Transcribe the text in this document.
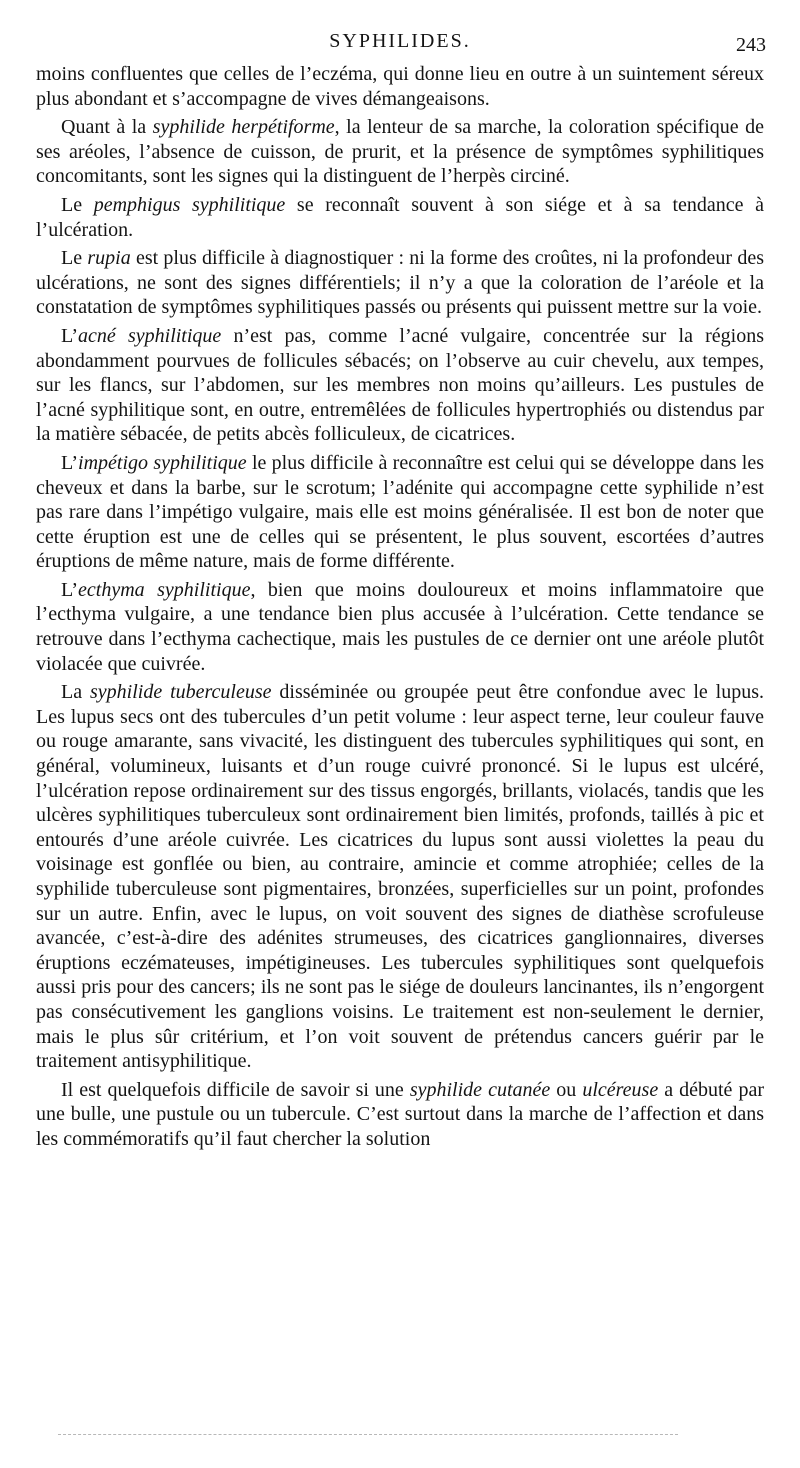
SYPHILIDES.	243

moins confluentes que celles de l’eczéma, qui donne lieu en outre à un suintement séreux plus abondant et s’accompagne de vives démangeaisons.

Quant à la syphilide herpétiforme, la lenteur de sa marche, la coloration spécifique de ses aréoles, l’absence de cuisson, de prurit, et la présence de symptômes syphilitiques concomitants, sont les signes qui la distinguent de l’herpès circiné.

Le pemphigus syphilitique se reconnaît souvent à son siége et à sa tendance à l’ulcération.

Le rupia est plus difficile à diagnostiquer : ni la forme des croûtes, ni la profondeur des ulcérations, ne sont des signes différentiels; il n’y a que la coloration de l’aréole et la constatation de symptômes syphilitiques passés ou présents qui puissent mettre sur la voie.

L’acné syphilitique n’est pas, comme l’acné vulgaire, concentrée sur la régions abondamment pourvues de follicules sébacés; on l’observe au cuir chevelu, aux tempes, sur les flancs, sur l’abdomen, sur les membres non moins qu’ailleurs. Les pustules de l’acné syphilitique sont, en outre, entremêlées de follicules hypertrophiés ou distendus par la matière sébacée, de petits abcès folliculeux, de cicatrices.

L’impétigo syphilitique le plus difficile à reconnaître est celui qui se développe dans les cheveux et dans la barbe, sur le scrotum; l’adénite qui accompagne cette syphilide n’est pas rare dans l’impétigo vulgaire, mais elle est moins généralisée. Il est bon de noter que cette éruption est une de celles qui se présentent, le plus souvent, escortées d’autres éruptions de même nature, mais de forme différente.

L’ecthyma syphilitique, bien que moins douloureux et moins inflammatoire que l’ecthyma vulgaire, a une tendance bien plus accusée à l’ulcération. Cette tendance se retrouve dans l’ecthyma cachectique, mais les pustules de ce dernier ont une aréole plutôt violacée que cuivrée.

La syphilide tuberculeuse disséminée ou groupée peut être confondue avec le lupus. Les lupus secs ont des tubercules d’un petit volume : leur aspect terne, leur couleur fauve ou rouge amarante, sans vivacité, les distinguent des tubercules syphilitiques qui sont, en général, volumineux, luisants et d’un rouge cuivré prononcé. Si le lupus est ulcéré, l’ulcération repose ordinairement sur des tissus engorgés, brillants, violacés, tandis que les ulcères syphilitiques tuberculeux sont ordinairement bien limités, profonds, taillés à pic et entourés d’une aréole cuivrée. Les cicatrices du lupus sont aussi violettes la peau du voisinage est gonflée ou bien, au contraire, amincie et comme atrophiée; celles de la syphilide tuberculeuse sont pigmentaires, bronzées, superficielles sur un point, profondes sur un autre. Enfin, avec le lupus, on voit souvent des signes de diathèse scrofuleuse avancée, c’est-à-dire des adénites strumeuses, des cicatrices ganglionnaires, diverses éruptions eczémateuses, impétigineuses. Les tubercules syphilitiques sont quelquefois aussi pris pour des cancers; ils ne sont pas le siége de douleurs lancinantes, ils n’engorgent pas consécutivement les ganglions voisins. Le traitement est non-seulement le dernier, mais le plus sûr critérium, et l’on voit souvent de prétendus cancers guérir par le traitement antisyphilitique.

Il est quelquefois difficile de savoir si une syphilide cutanée ou ulcéreuse a débuté par une bulle, une pustule ou un tubercule. C’est surtout dans la marche de l’affection et dans les commémoratifs qu’il faut chercher la solution
